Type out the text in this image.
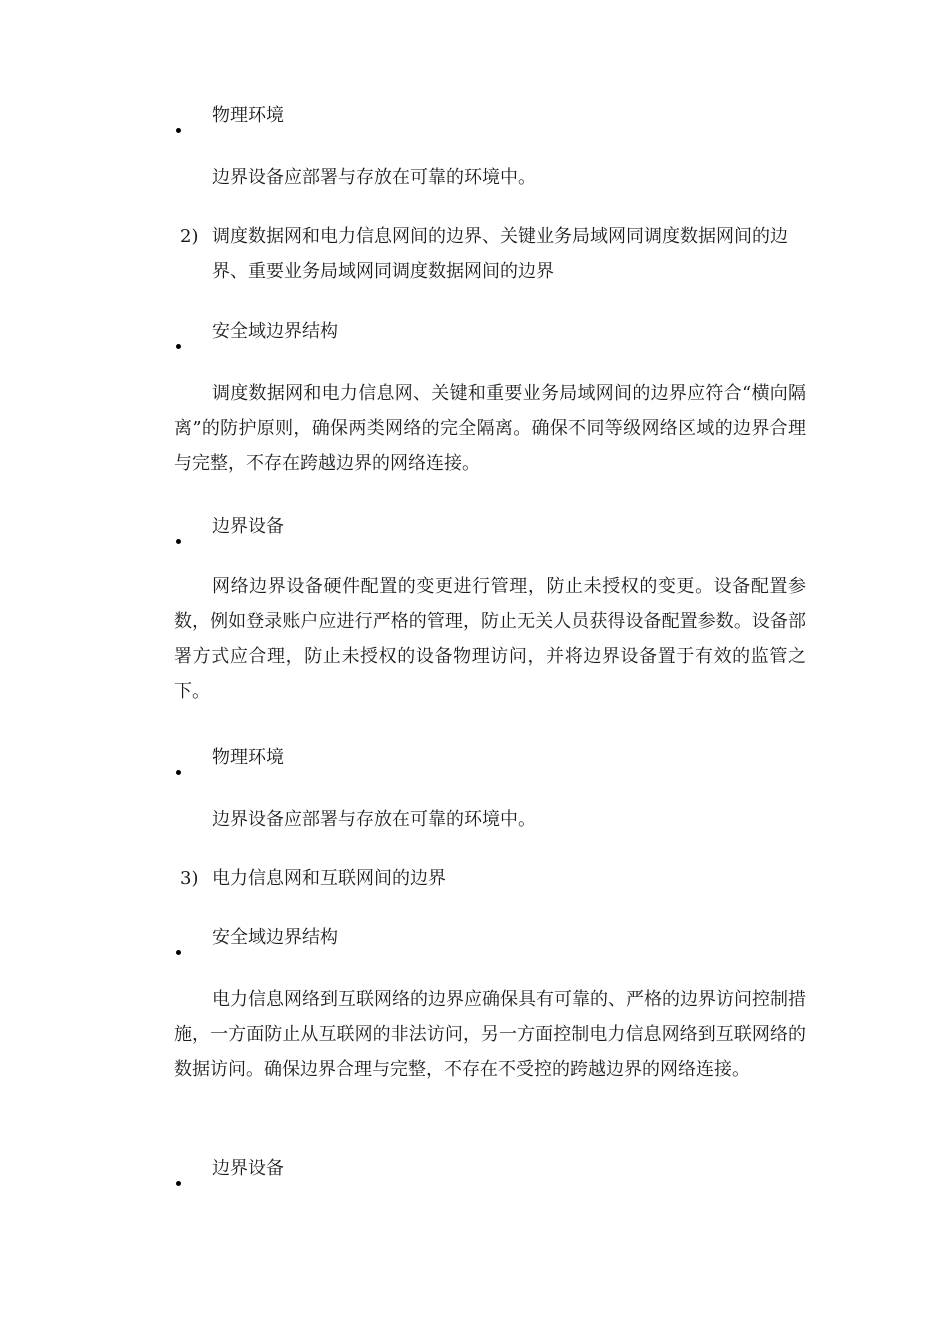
物理环境

边界设备应部署与存放在可靠的环境中。

2) 调度数据网和电力信息网间的边界、关键业务局域网同调度数据网间的边界、重要业务局域网同调度数据网间的边界

安全域边界结构

调度数据网和电力信息网、关键和重要业务局域网间的边界应符合“横向隔离”的防护原则，确保两类网络的完全隔离。确保不同等级网络区域的边界合理与完整，不存在跨越边界的网络连接。

边界设备

网络边界设备硬件配置的变更进行管理，防止未授权的变更。设备配置参数，例如登录账户应进行严格的管理，防止无关人员获得设备配置参数。设备部署方式应合理，防止未授权的设备物理访问，并将边界设备置于有效的监管之下。

物理环境

边界设备应部署与存放在可靠的环境中。

3) 电力信息网和互联网间的边界

安全域边界结构

电力信息网络到互联网络的边界应确保具有可靠的、严格的边界访问控制措施，一方面防止从互联网的非法访问，另一方面控制电力信息网络到互联网络的数据访问。确保边界合理与完整，不存在不受控的跨越边界的网络连接。

边界设备
